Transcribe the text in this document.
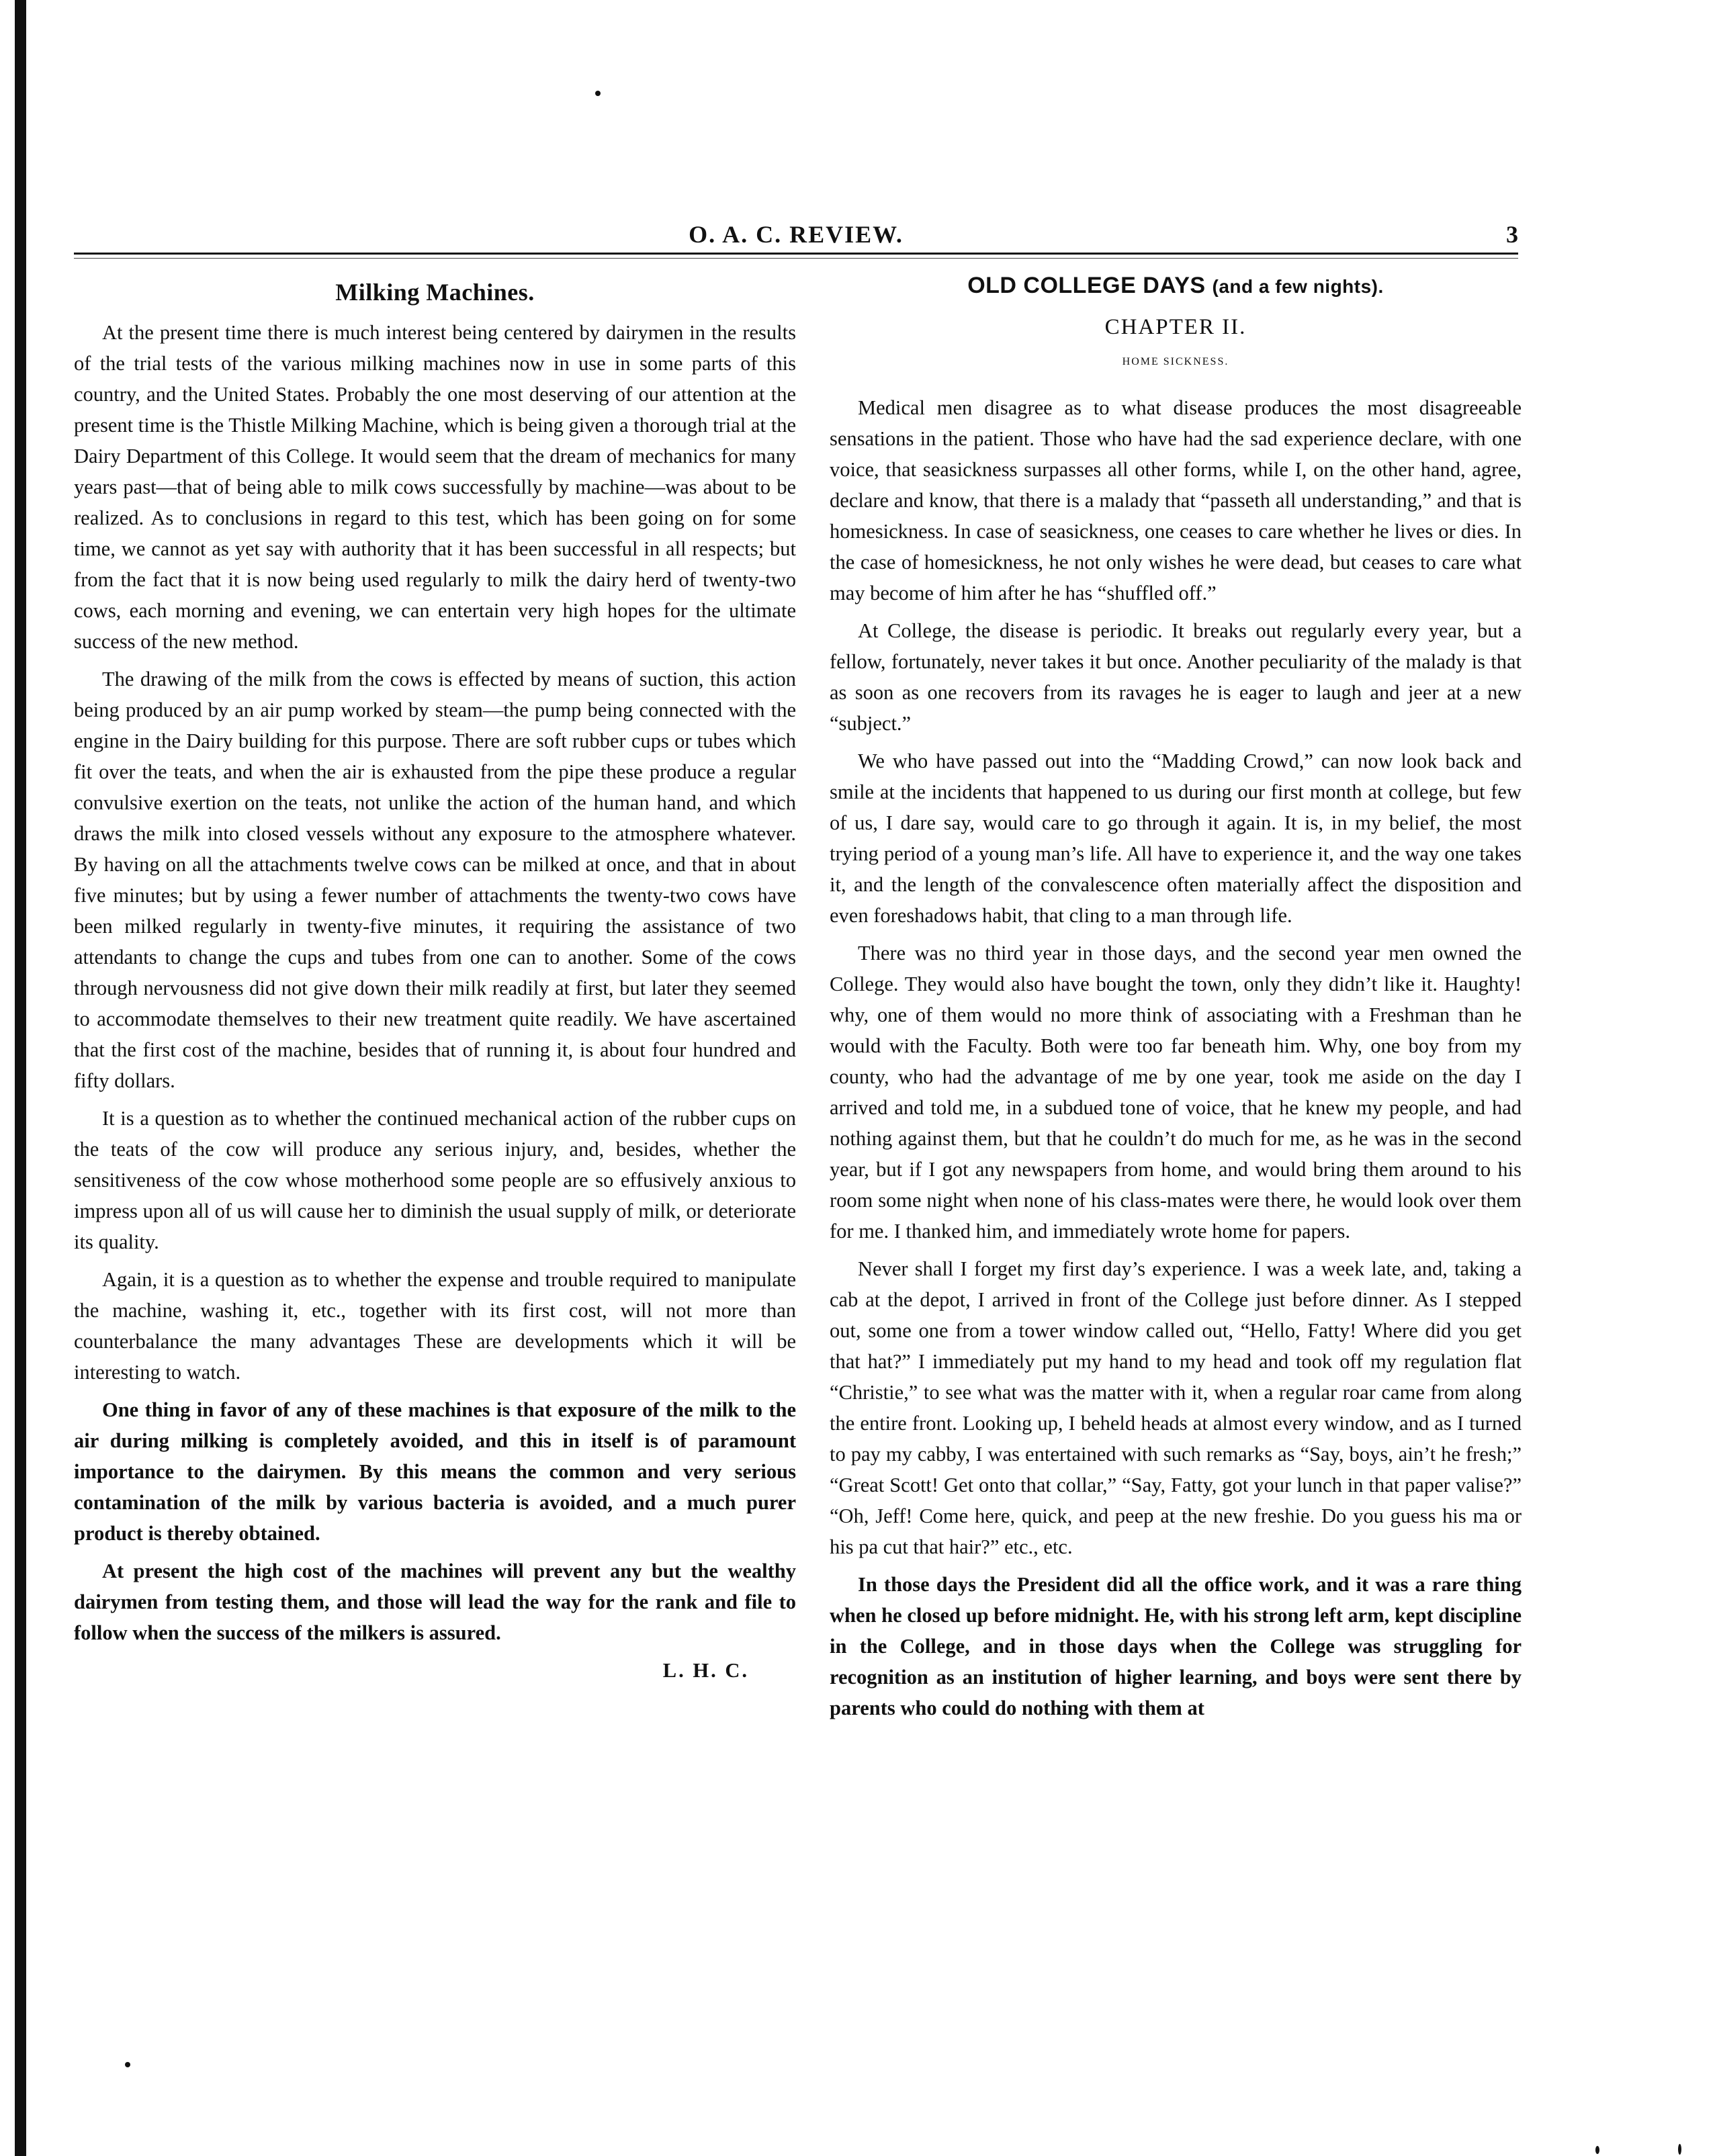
O. A. C. REVIEW.	3
Milking Machines.

At the present time there is much interest being centered by dairymen in the results of the trial tests of the various milking machines now in use in some parts of this country, and the United States. Probably the one most deserving of our attention at the present time is the Thistle Milking Machine, which is being given a thorough trial at the Dairy Department of this College. It would seem that the dream of mechanics for many years past—that of being able to milk cows successfully by machine—was about to be realized. As to conclusions in regard to this test, which has been going on for some time, we cannot as yet say with authority that it has been successful in all respects; but from the fact that it is now being used regularly to milk the dairy herd of twenty-two cows, each morning and evening, we can entertain very high hopes for the ultimate success of the new method.

The drawing of the milk from the cows is effected by means of suction, this action being produced by an air pump worked by steam—the pump being connected with the engine in the Dairy building for this purpose. There are soft rubber cups or tubes which fit over the teats, and when the air is exhausted from the pipe these produce a regular convulsive exertion on the teats, not unlike the action of the human hand, and which draws the milk into closed vessels without any exposure to the atmosphere whatever. By having on all the attachments twelve cows can be milked at once, and that in about five minutes; but by using a fewer number of attachments the twenty-two cows have been milked regularly in twenty-five minutes, it requiring the assistance of two attendants to change the cups and tubes from one can to another. Some of the cows through nervousness did not give down their milk readily at first, but later they seemed to accommodate themselves to their new treatment quite readily. We have ascertained that the first cost of the machine, besides that of running it, is about four hundred and fifty dollars.

It is a question as to whether the continued mechanical action of the rubber cups on the teats of the cow will produce any serious injury, and, besides, whether the sensitiveness of the cow whose motherhood some people are so effusively anxious to impress upon all of us will cause her to diminish the usual supply of milk, or deteriorate its quality.

Again, it is a question as to whether the expense and trouble required to manipulate the machine, washing it, etc., together with its first cost, will not more than counterbalance the many advantages These are developments which it will be interesting to watch.

One thing in favor of any of these machines is that exposure of the milk to the air during milking is completely avoided, and this in itself is of paramount importance to the dairymen. By this means the common and very serious contamination of the milk by various bacteria is avoided, and a much purer product is thereby obtained.

At present the high cost of the machines will prevent any but the wealthy dairymen from testing them, and those will lead the way for the rank and file to follow when the success of the milkers is assured.

L. H. C.
OLD COLLEGE DAYS (and a few nights).
CHAPTER II.
HOME SICKNESS.

Medical men disagree as to what disease produces the most disagreeable sensations in the patient. Those who have had the sad experience declare, with one voice, that seasickness surpasses all other forms, while I, on the other hand, agree, declare and know, that there is a malady that “passeth all understanding,” and that is homesickness. In case of seasickness, one ceases to care whether he lives or dies. In the case of homesickness, he not only wishes he were dead, but ceases to care what may become of him after he has “shuffled off.”

At College, the disease is periodic. It breaks out regularly every year, but a fellow, fortunately, never takes it but once. Another peculiarity of the malady is that as soon as one recovers from its ravages he is eager to laugh and jeer at a new “subject.”

We who have passed out into the “Madding Crowd,” can now look back and smile at the incidents that happened to us during our first month at college, but few of us, I dare say, would care to go through it again. It is, in my belief, the most trying period of a young man’s life. All have to experience it, and the way one takes it, and the length of the convalescence often materially affect the disposition and even foreshadows habit, that cling to a man through life.

There was no third year in those days, and the second year men owned the College. They would also have bought the town, only they didn’t like it. Haughty! why, one of them would no more think of associating with a Freshman than he would with the Faculty. Both were too far beneath him. Why, one boy from my county, who had the advantage of me by one year, took me aside on the day I arrived and told me, in a subdued tone of voice, that he knew my people, and had nothing against them, but that he couldn’t do much for me, as he was in the second year, but if I got any newspapers from home, and would bring them around to his room some night when none of his class-mates were there, he would look over them for me. I thanked him, and immediately wrote home for papers.

Never shall I forget my first day’s experience. I was a week late, and, taking a cab at the depot, I arrived in front of the College just before dinner. As I stepped out, some one from a tower window called out, “Hello, Fatty! Where did you get that hat?” I immediately put my hand to my head and took off my regulation flat “Christie,” to see what was the matter with it, when a regular roar came from along the entire front. Looking up, I beheld heads at almost every window, and as I turned to pay my cabby, I was entertained with such remarks as “Say, boys, ain’t he fresh;” “Great Scott! Get onto that collar,” “Say, Fatty, got your lunch in that paper valise?” “Oh, Jeff! Come here, quick, and peep at the new freshie. Do you guess his ma or his pa cut that hair?” etc., etc.

In those days the President did all the office work, and it was a rare thing when he closed up before midnight. He, with his strong left arm, kept discipline in the College, and in those days when the College was struggling for recognition as an institution of higher learning, and boys were sent there by parents who could do nothing with them at
